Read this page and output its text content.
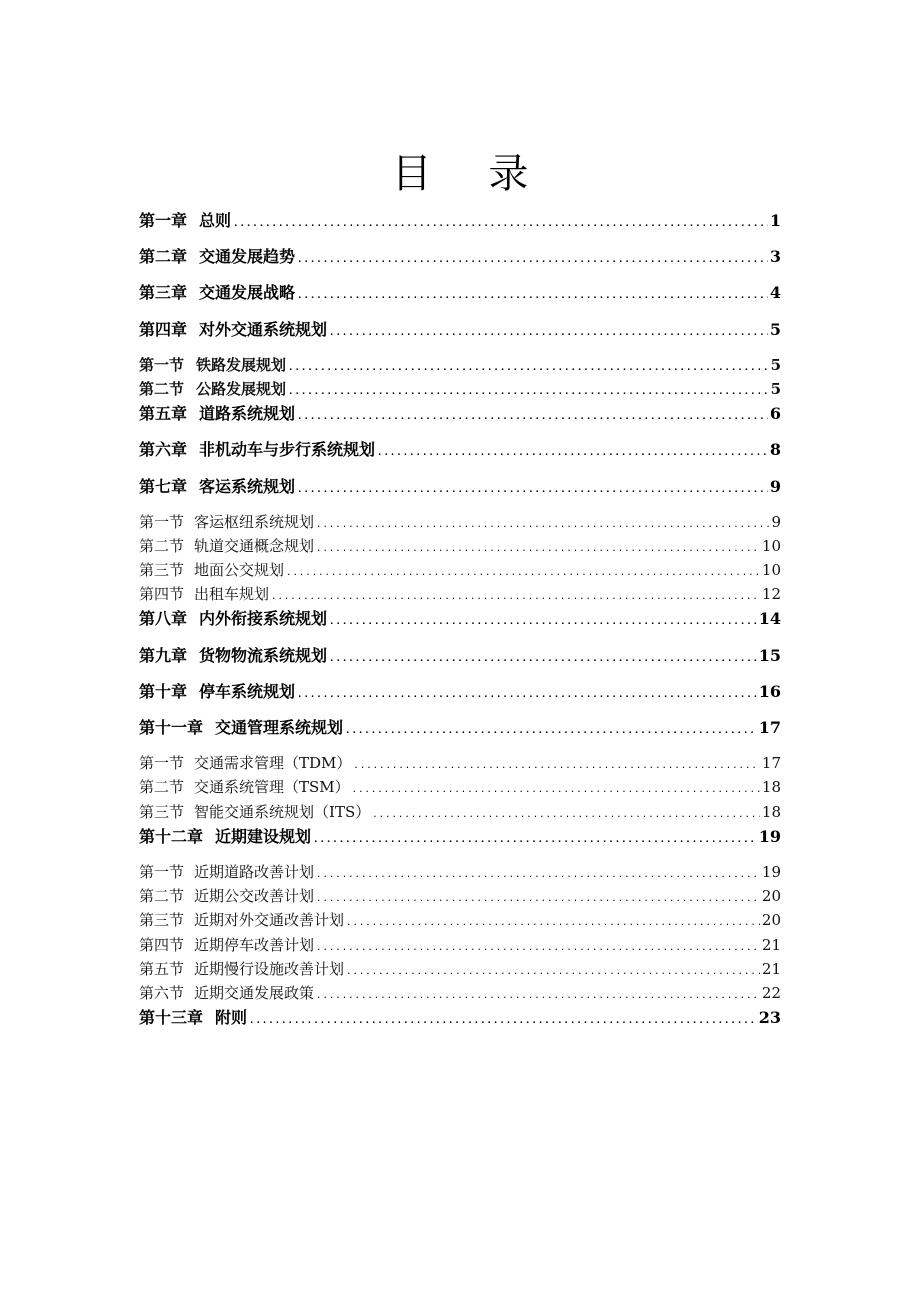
目 录
第一章 总则 .....	1
第二章 交通发展趋势 .....	3
第三章 交通发展战略 .....	4
第四章 对外交通系统规划 .....	5
第一节 铁路发展规划 .....	5
第二节 公路发展规划 .....	5
第五章 道路系统规划 .....	6
第六章 非机动车与步行系统规划 .....	8
第七章 客运系统规划 .....	9
第一节 客运枢纽系统规划 .....	9
第二节 轨道交通概念规划 .....	10
第三节 地面公交规划 .....	10
第四节 出租车规划 .....	12
第八章 内外衔接系统规划 .....	14
第九章 货物物流系统规划 .....	15
第十章 停车系统规划 .....	16
第十一章 交通管理系统规划 .....	17
第一节 交通需求管理（TDM） .....	17
第二节 交通系统管理（TSM） .....	18
第三节 智能交通系统规划（ITS） .....	18
第十二章 近期建设规划 .....	19
第一节 近期道路改善计划 .....	19
第二节 近期公交改善计划 .....	20
第三节 近期对外交通改善计划 .....	20
第四节 近期停车改善计划 .....	21
第五节 近期慢行设施改善计划 .....	21
第六节 近期交通发展政策 .....	22
第十三章 附则 .....	23
